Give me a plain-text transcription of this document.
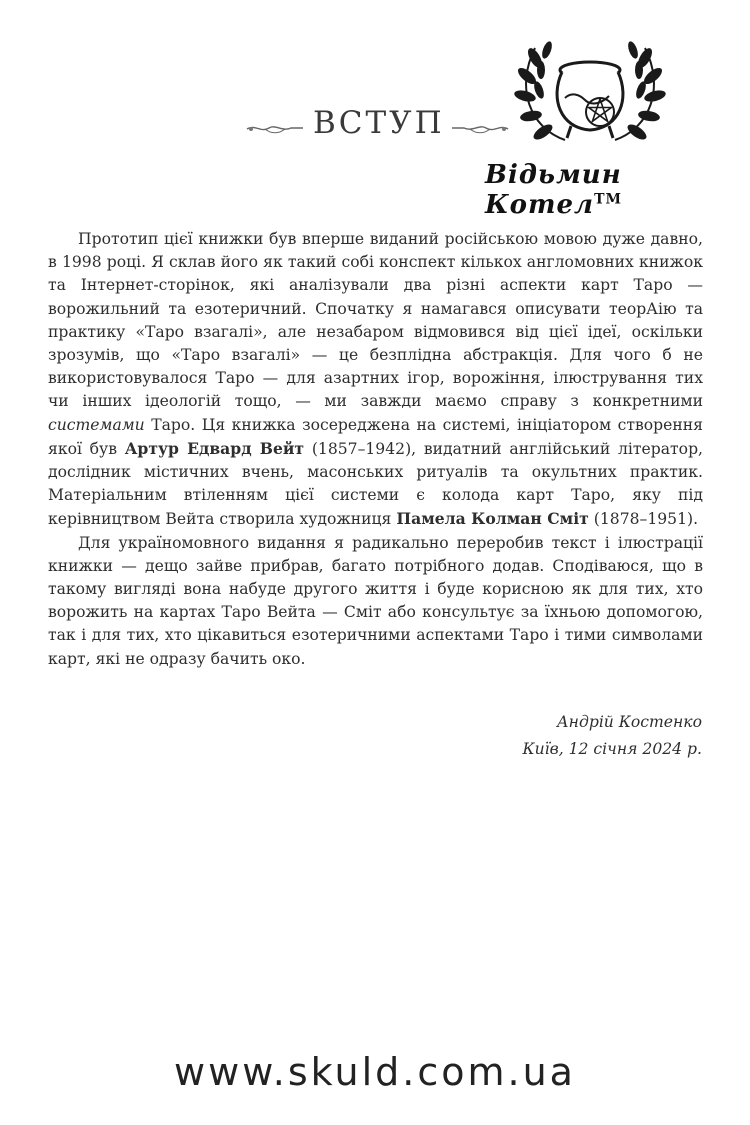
ВСТУП
Відьмин Котел™

Прототип цієї книжки був вперше виданий російською мовою дуже давно, в 1998 році. Я склав його як такий собі конспект кількох англомовних книжок та Інтернет-сторінок, які аналізували два різні аспекти карт Таро — ворожильний та езотеричний. Спочатку я намагався описувати теорАію та практику «Таро взагалі», але незабаром відмовився від цієї ідеї, оскільки зрозумів, що «Таро взагалі» — це безплідна абстракція. Для чого б не використовувалося Таро — для азартних ігор, ворожіння, ілюстрування тих чи інших ідеологій тощо, — ми завжди маємо справу з конкретними системами Таро. Ця книжка зосереджена на системі, ініціатором створення якої був Артур Едвард Вейт (1857–1942), видатний англійський літератор, дослідник містичних вчень, масонських ритуалів та окультних практик. Матеріальним втіленням цієї системи є колода карт Таро, яку під керівництвом Вейта створила художниця Памела Колман Сміт (1878–1951).

Для україномовного видання я радикально переробив текст і ілюстрації книжки — дещо зайве прибрав, багато потрібного додав. Сподіваюся, що в такому вигляді вона набуде другого життя і буде корисною як для тих, хто ворожить на картах Таро Вейта — Сміт або консультує за їхньою допомогою, так і для тих, хто цікавиться езотеричними аспектами Таро і тими символами карт, які не одразу бачить око.

Андрій Костенко
Київ, 12 січня 2024 р.
www.skuld.com.ua
